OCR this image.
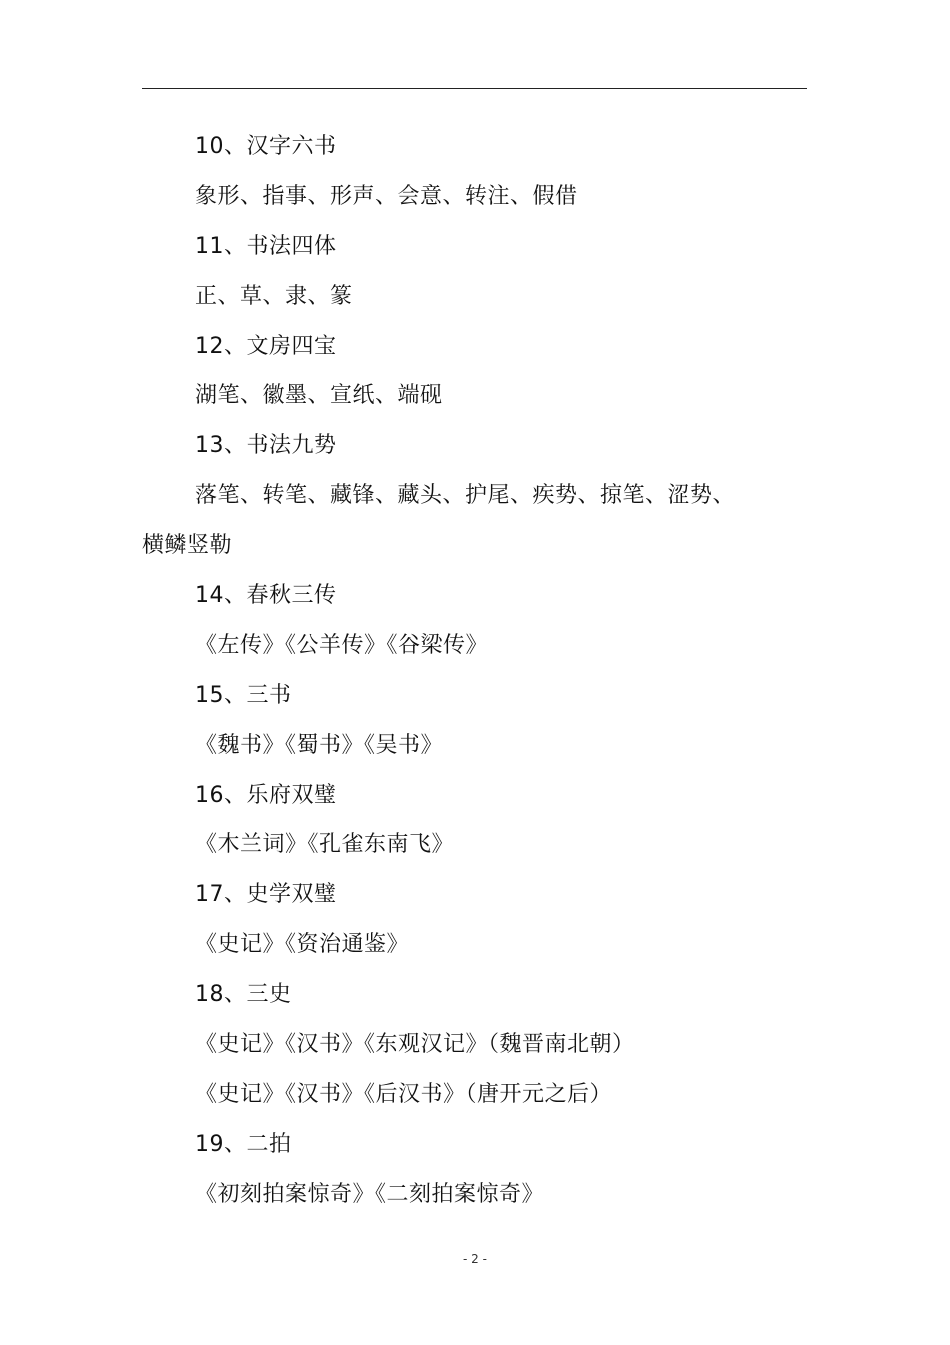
10、汉字六书
象形、指事、形声、会意、转注、假借
11、书法四体
正、草、隶、篆
12、文房四宝
湖笔、徽墨、宣纸、端砚
13、书法九势
落笔、转笔、藏锋、藏头、护尾、疾势、掠笔、涩势、
横鳞竖勒
14、春秋三传
《左传》《公羊传》《谷梁传》
15、三书
《魏书》《蜀书》《吴书》
16、乐府双璧
《木兰词》《孔雀东南飞》
17、史学双璧
《史记》《资治通鉴》
18、三史
《史记》《汉书》《东观汉记》（魏晋南北朝）
《史记》《汉书》《后汉书》（唐开元之后）
19、二拍
《初刻拍案惊奇》《二刻拍案惊奇》
- 2 -
